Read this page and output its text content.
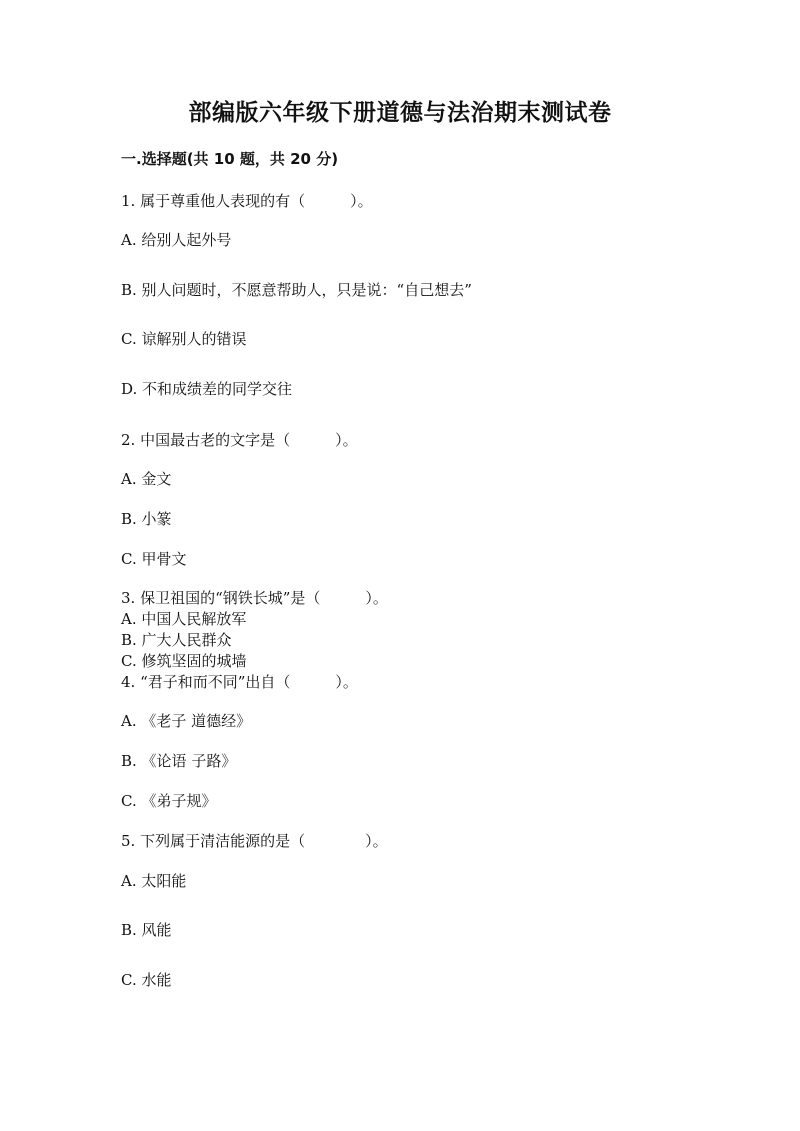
部编版六年级下册道德与法治期末测试卷

一.选择题(共 10 题，共 20 分)

1. 属于尊重他人表现的有（　　　）。

A. 给别人起外号

B. 别人问题时，不愿意帮助人，只是说：“自己想去”

C. 谅解别人的错误

D. 不和成绩差的同学交往

2. 中国最古老的文字是（　　　）。

A. 金文

B. 小篆

C. 甲骨文

3. 保卫祖国的“钢铁长城”是（　　　）。

A. 中国人民解放军

B. 广大人民群众

C. 修筑坚固的城墙

4. “君子和而不同”出自（　　　）。

A. 《老子 道德经》

B. 《论语 子路》

C. 《弟子规》

5. 下列属于清洁能源的是（　　　　）。

A. 太阳能

B. 风能

C. 水能
